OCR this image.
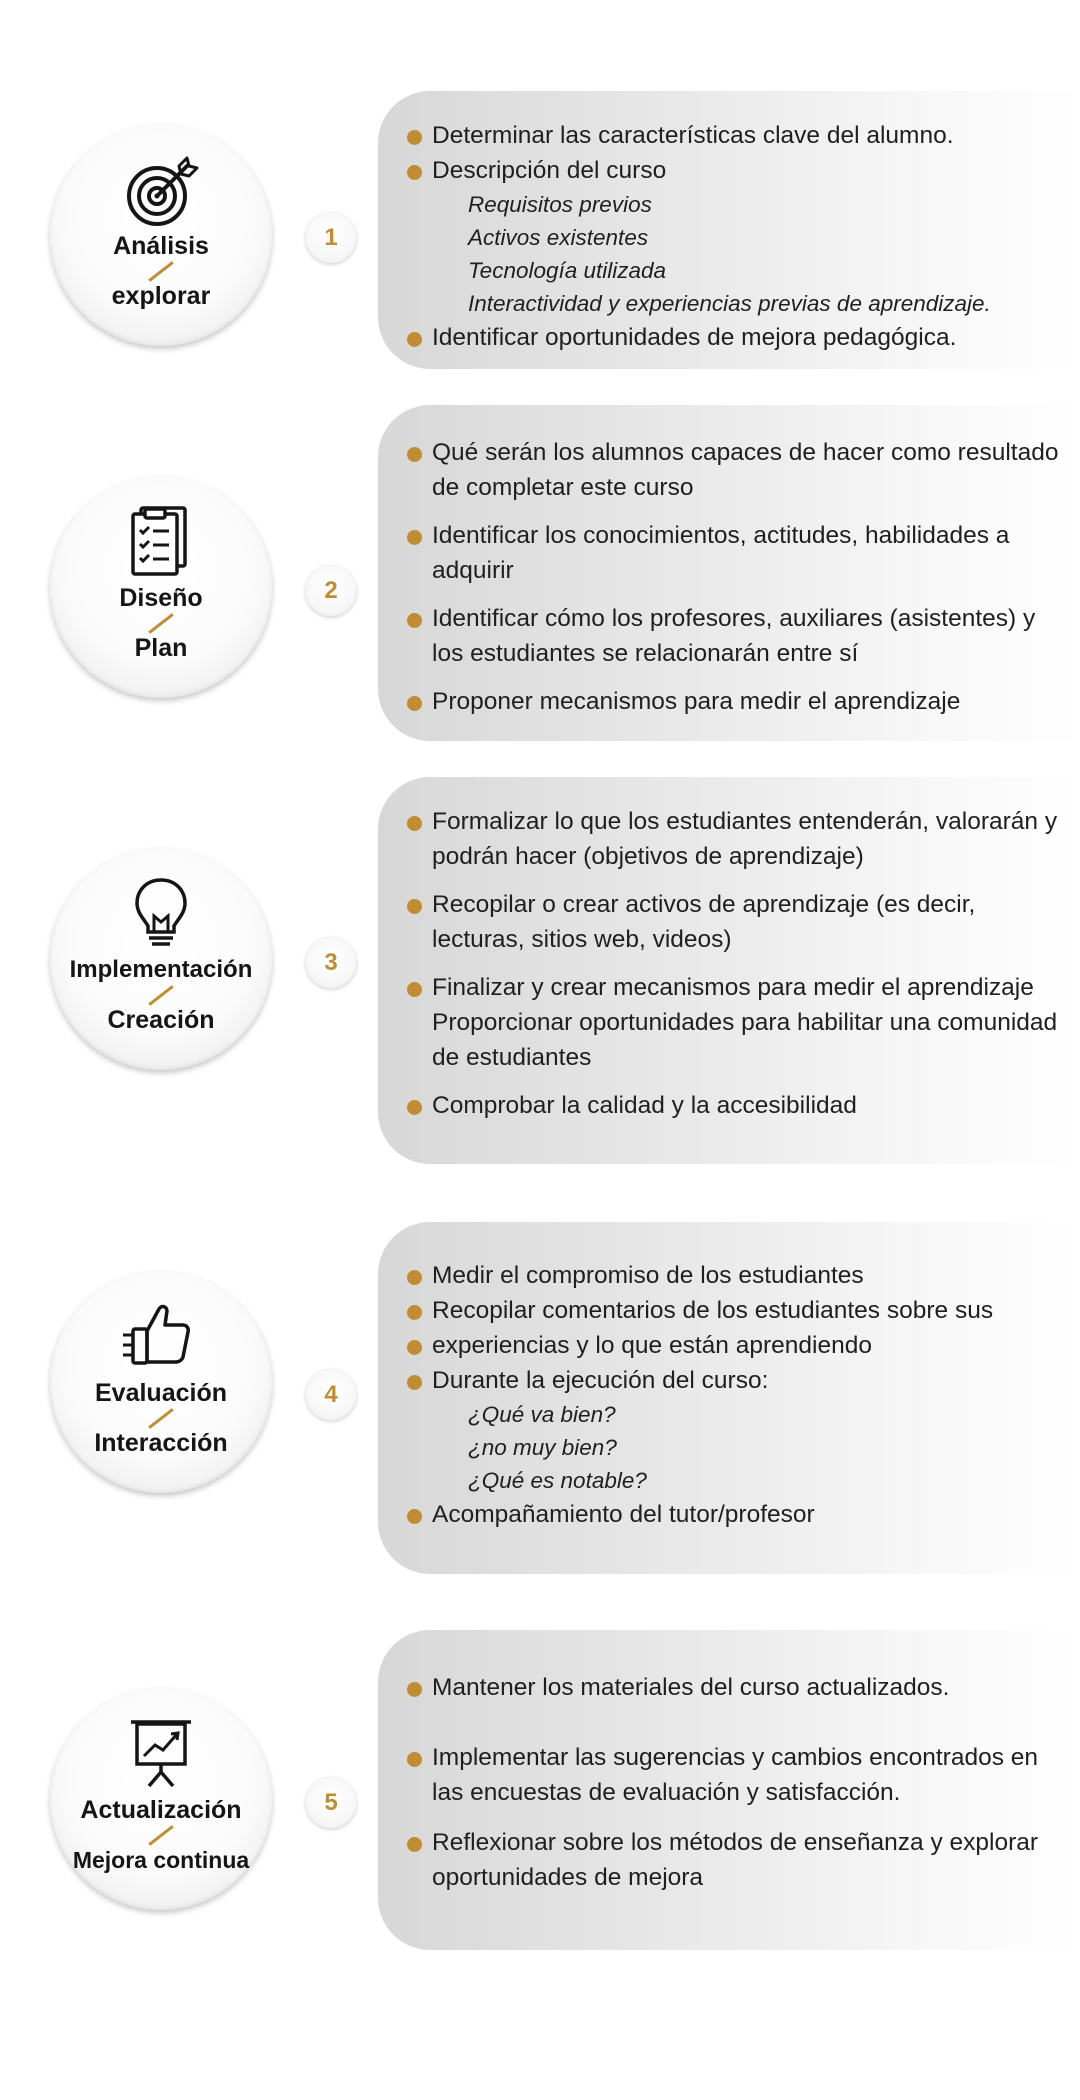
Determinar las características clave del alumno.
Descripción del curso
Requisitos previos
Activos existentes
Tecnología utilizada
Interactividad y experiencias previas de aprendizaje.
Identificar oportunidades de mejora pedagógica.
1
Análisis
explorar
Qué serán los alumnos capaces de hacer como resultado de completar este curso
Identificar los conocimientos, actitudes, habilidades a adquirir
Identificar cómo los profesores, auxiliares (asistentes) y los estudiantes se relacionarán entre sí
Proponer mecanismos para medir el aprendizaje
2
Diseño
Plan
Formalizar lo que los estudiantes entenderán, valorarán y podrán hacer (objetivos de aprendizaje)
Recopilar o crear activos de aprendizaje (es decir, lecturas, sitios web, videos)
Finalizar y crear mecanismos para medir el aprendizaje Proporcionar oportunidades para habilitar una comunidad de estudiantes
Comprobar la calidad y la accesibilidad
3
Implementación
Creación
Medir el compromiso de los estudiantes
Recopilar comentarios de los estudiantes sobre sus
experiencias y lo que están aprendiendo
Durante la ejecución del curso:
¿Qué va bien?
¿no muy bien?
¿Qué es notable?
Acompañamiento del tutor/profesor
4
Evaluación
Interacción
Mantener los materiales del curso actualizados.
Implementar las sugerencias y cambios encontrados en las encuestas de evaluación y satisfacción.
Reflexionar sobre los métodos de enseñanza y explorar oportunidades de mejora
5
Actualización
Mejora continua
